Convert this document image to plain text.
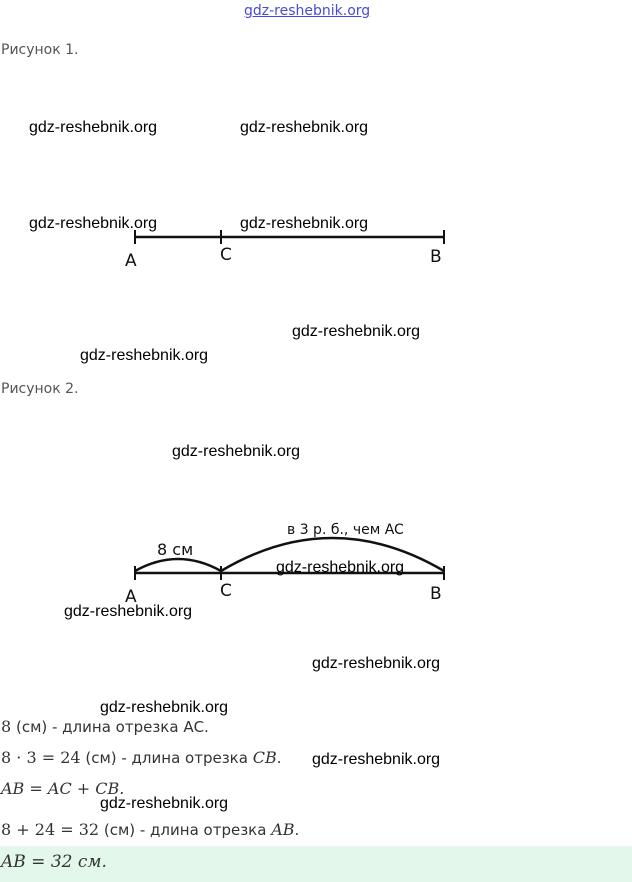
gdz-reshebnik.org
Рисунок 1.
gdz-reshebnik.org	gdz-reshebnik.org
A	C	B
gdz-reshebnik.org	gdz-reshebnik.org
gdz-reshebnik.org
gdz-reshebnik.org
Рисунок 2.
gdz-reshebnik.org
A	C	B
8 см
в 3 р. б., чем AC
gdz-reshebnik.org
gdz-reshebnik.org
gdz-reshebnik.org
gdz-reshebnik.org
8 (см) - длина отрезка АС.
8 · 3 = 24 (см) - длина отрезка CB. gdz-reshebnik.org
AB = AC + CB.
gdz-reshebnik.org
8 + 24 = 32 (см) - длина отрезка AB.
AB = 32 см.
